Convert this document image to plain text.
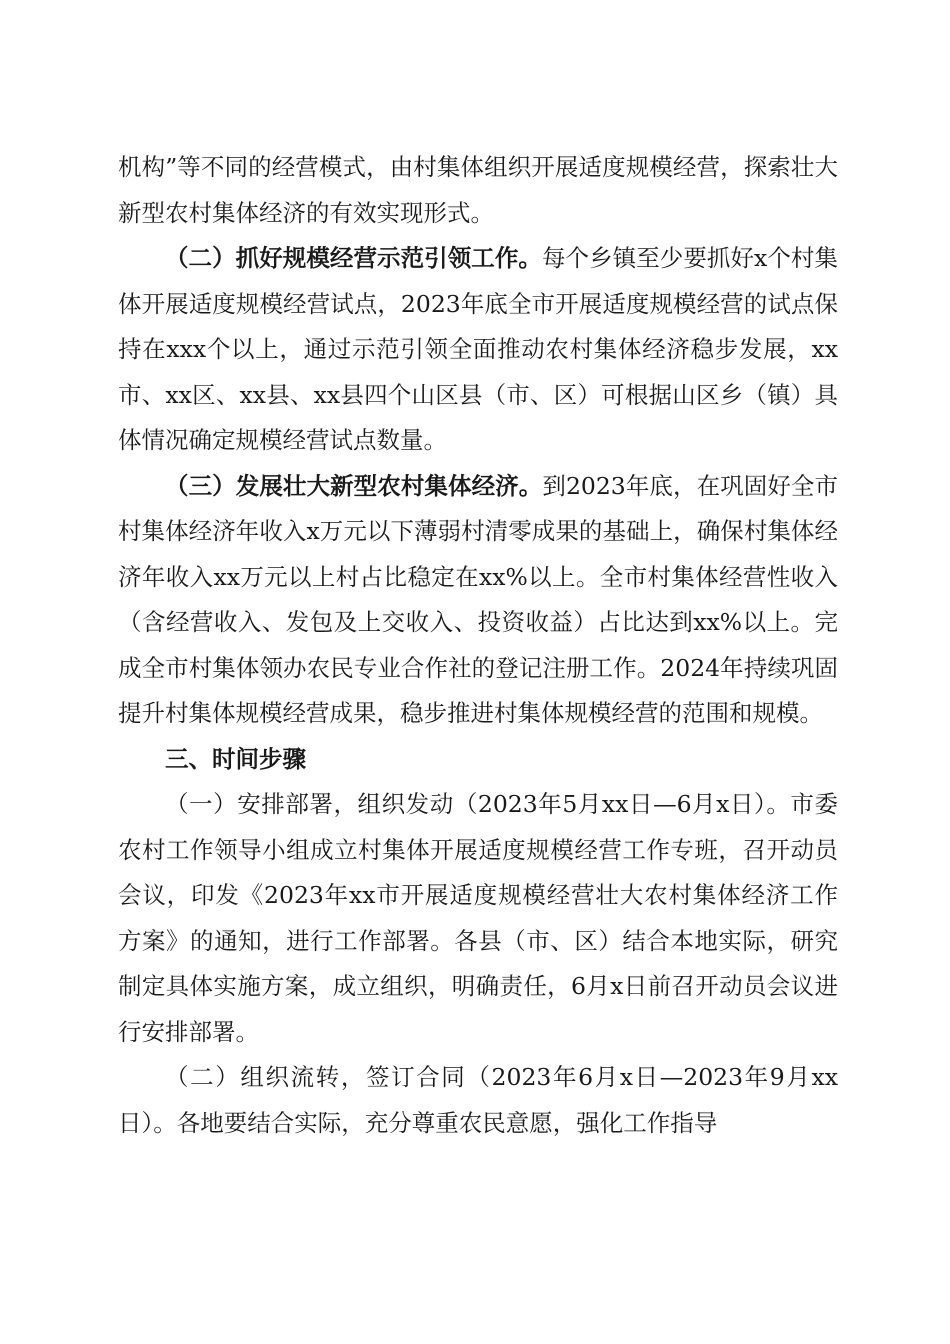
机构”等不同的经营模式，由村集体组织开展适度规模经营，探索壮大新型农村集体经济的有效实现形式。

（二）抓好规模经营示范引领工作。每个乡镇至少要抓好x个村集体开展适度规模经营试点，2023年底全市开展适度规模经营的试点保持在xxx个以上，通过示范引领全面推动农村集体经济稳步发展，xx市、xx区、xx县、xx县四个山区县（市、区）可根据山区乡（镇）具体情况确定规模经营试点数量。

（三）发展壮大新型农村集体经济。到2023年底，在巩固好全市村集体经济年收入x万元以下薄弱村清零成果的基础上，确保村集体经济年收入xx万元以上村占比稳定在xx%以上。全市村集体经营性收入（含经营收入、发包及上交收入、投资收益）占比达到xx%以上。完成全市村集体领办农民专业合作社的登记注册工作。2024年持续巩固提升村集体规模经营成果，稳步推进村集体规模经营的范围和规模。

三、时间步骤

（一）安排部署，组织发动（2023年5月xx日—6月x日）。市委农村工作领导小组成立村集体开展适度规模经营工作专班，召开动员会议，印发《2023年xx市开展适度规模经营壮大农村集体经济工作方案》的通知，进行工作部署。各县（市、区）结合本地实际，研究制定具体实施方案，成立组织，明确责任，6月x日前召开动员会议进行安排部署。

（二）组织流转，签订合同（2023年6月x日—2023年9月xx日）。各地要结合实际，充分尊重农民意愿，强化工作指导
